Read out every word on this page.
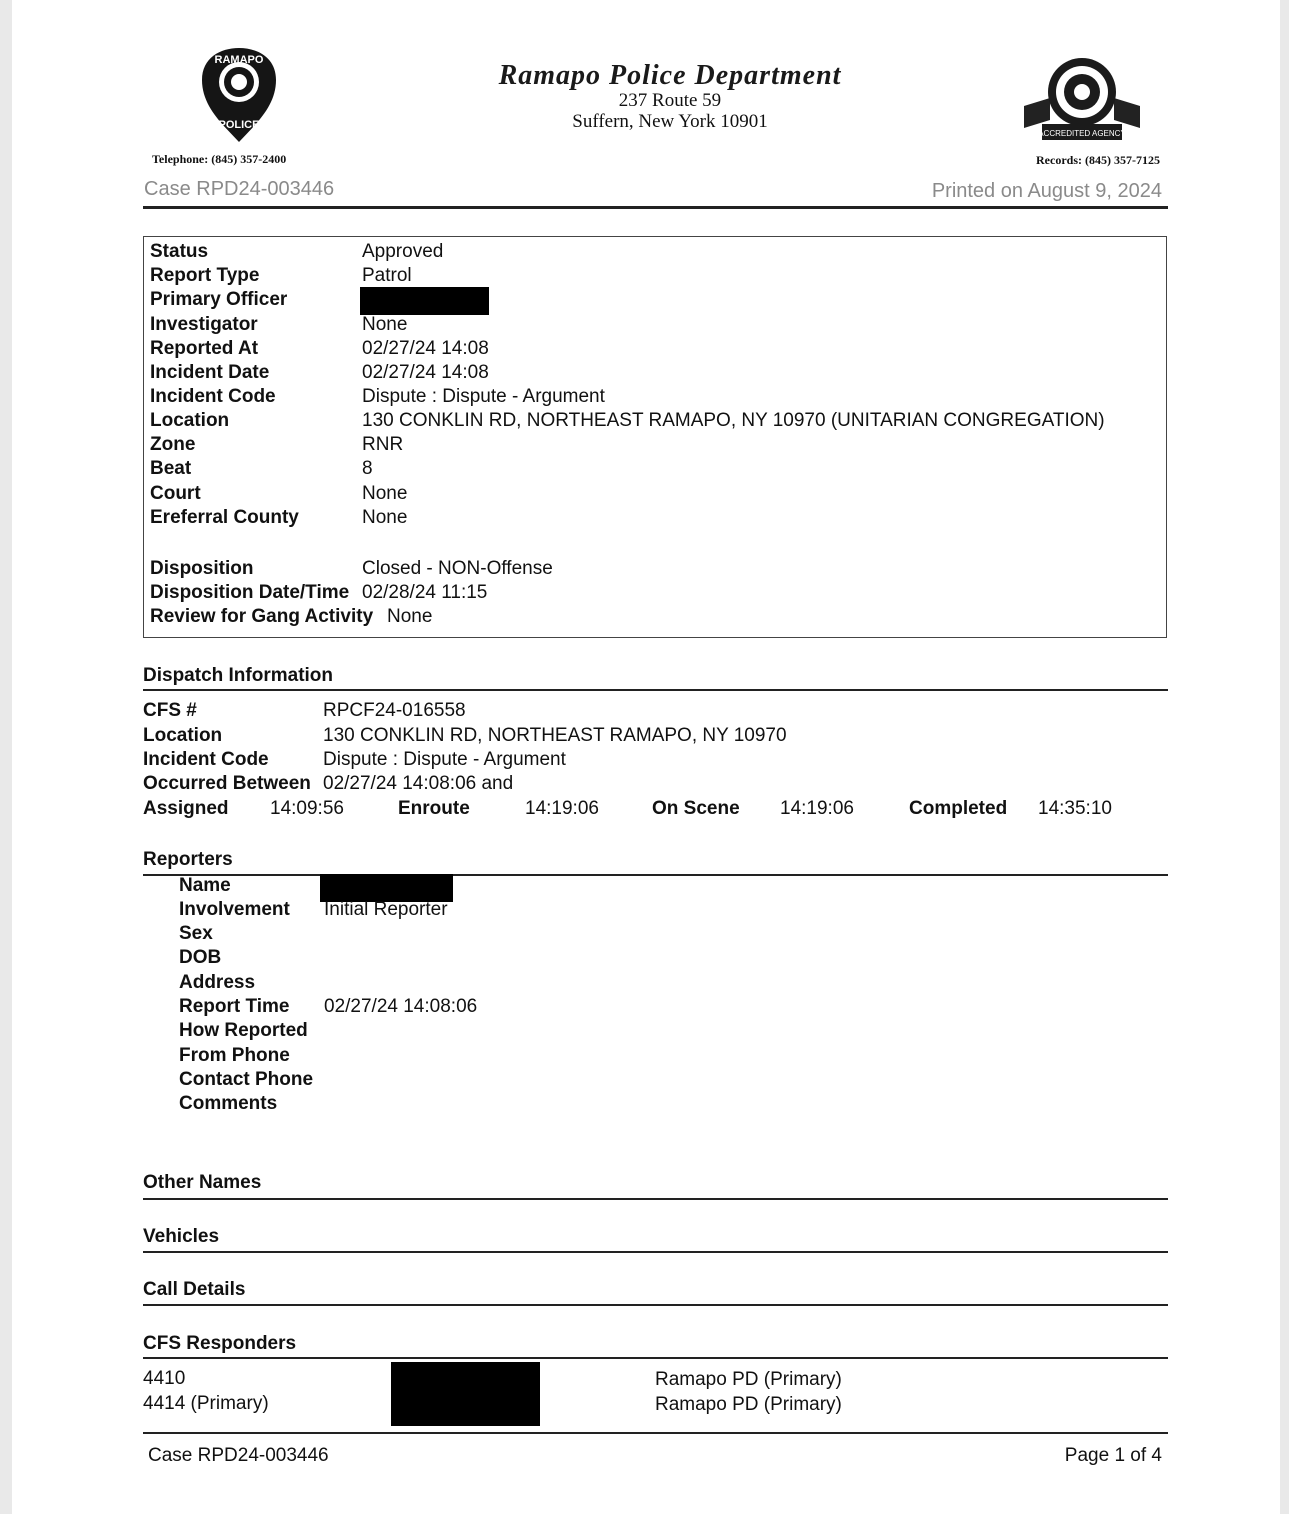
RAMAPO
POLICE
ACCREDITED AGENCY
Ramapo Police Department
237 Route 59
Suffern, New York 10901
Telephone: (845) 357-2400	Records: (845) 357-7125
Case RPD24-003446	Printed on August 9, 2024
Status	Approved
Report Type	Patrol
Primary Officer
Investigator	None
Reported At	02/27/24 14:08
Incident Date	02/27/24 14:08
Incident Code	Dispute : Dispute - Argument
Location	130 CONKLIN RD, NORTHEAST RAMAPO, NY 10970 (UNITARIAN CONGREGATION)
Zone	RNR
Beat	8
Court	None
Ereferral County	None
Disposition	Closed - NON-Offense
Disposition Date/Time 02/28/24 11:15
Review for Gang Activity None
Dispatch Information
CFS #	RPCF24-016558
Location	130 CONKLIN RD, NORTHEAST RAMAPO, NY 10970
Incident Code	Dispute : Dispute - Argument
Occurred Between 02/27/24 14:08:06 and
Assigned 14:09:56	Enroute	14:19:06	On Scene 14:19:06	Completed 14:35:10
Reporters
Name
Involvement Initial Reporter
Sex
DOB
Address
Report Time 02/27/24 14:08:06
How Reported
From Phone
Contact Phone
Comments
Other Names
Vehicles
Call Details
CFS Responders
4410	Ramapo PD (Primary)
4414 (Primary)	Ramapo PD (Primary)
Case RPD24-003446	Page 1 of 4
